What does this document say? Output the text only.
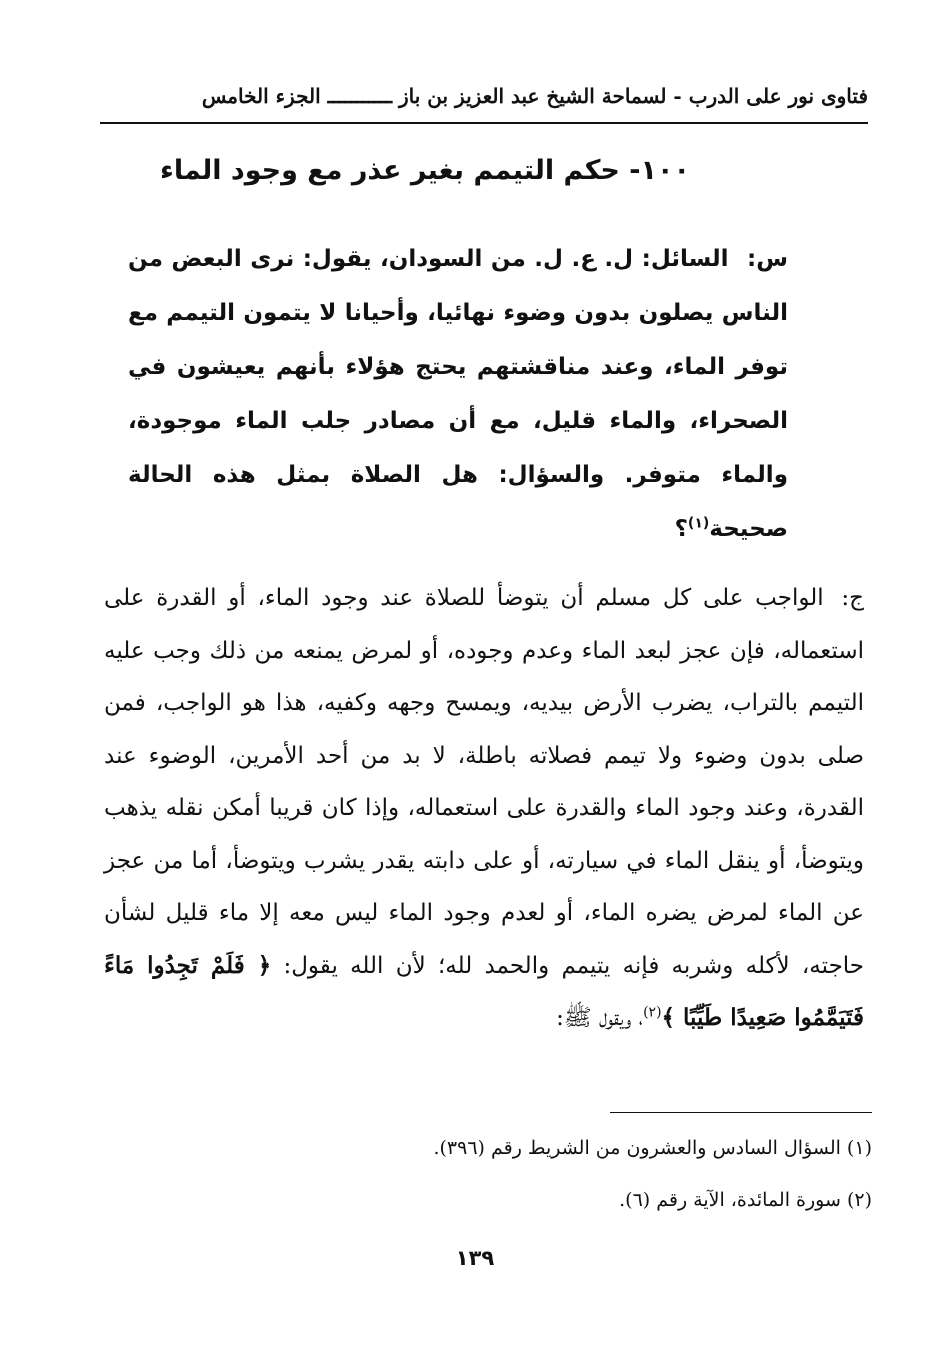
فتاوى نور على الدرب - لسماحة الشيخ عبد العزيز بن باز ـــــــــــ الجزء الخامس
١٠٠- حكم التيمم بغير عذر مع وجود الماء
س: السائل: ل. ع. ل. من السودان، يقول: نرى البعض من الناس يصلون بدون وضوء نهائيا، وأحيانا لا يتمون التيمم مع توفر الماء، وعند مناقشتهم يحتج هؤلاء بأنهم يعيشون في الصحراء، والماء قليل، مع أن مصادر جلب الماء موجودة، والماء متوفر. والسؤال: هل الصلاة بمثل هذه الحالة صحيحة$^{(١)}$؟
ج: الواجب على كل مسلم أن يتوضأ للصلاة عند وجود الماء، أو القدرة على استعماله، فإن عجز لبعد الماء وعدم وجوده، أو لمرض يمنعه من ذلك وجب عليه التيمم بالتراب، يضرب الأرض بيديه، ويمسح وجهه وكفيه، هذا هو الواجب، فمن صلى بدون وضوء ولا تيمم فصلاته باطلة، لا بد من أحد الأمرين، الوضوء عند القدرة، وعند وجود الماء والقدرة على استعماله، وإذا كان قريبا أمكن نقله يذهب ويتوضأ، أو ينقل الماء في سيارته، أو على دابته يقدر يشرب ويتوضأ، أما من عجز عن الماء لمرض يضره الماء، أو لعدم وجود الماء ليس معه إلا ماء قليل لشأن حاجته، لأكله وشربه فإنه يتيمم والحمد لله؛ لأن الله يقول: ﴿ فَلَمْ تَجِدُوا مَاءً فَتَيَمَّمُوا صَعِيدًا طَيِّبًا ﴾$^{(٢)}$، ويقول ﷺ:
(١) السؤال السادس والعشرون من الشريط رقم (٣٩٦).
(٢) سورة المائدة، الآية رقم (٦).
١٣٩
